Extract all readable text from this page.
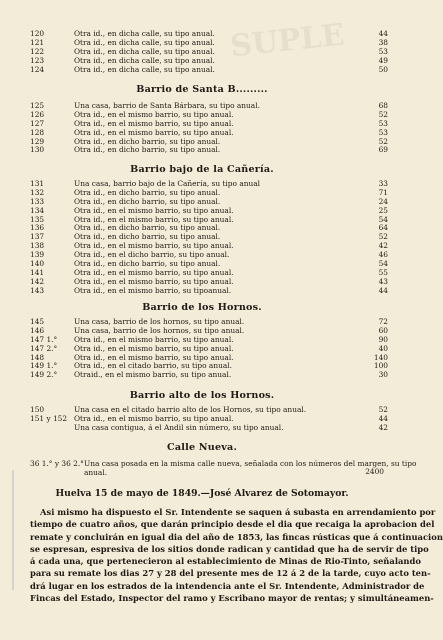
SUPLE
120	Otra id., en dicha calle, su tipo anual.	44
121	Otra id., en dicha calle, su tipo anual.	38
122	Otra id., en dicha calle, su tipo anual.	53
123	Otra id., en dicha calle, su tipo anual.	49
124	Otra id., en dicha calle, su tipo anual.	50
Barrio de Santa B.........
125	Una casa, barrio de Santa Bárbara, su tipo anual.	68
126	Otra id., en el mismo barrio, su tipo anual.	52
127	Otra id., en el mismo barrio, su tipo anual.	53
128	Otra id., en el mismo barrio, su tipo anual.	53
129	Otra id., en dicho barrio, su tipo anual.	52
130	Otra id., en dicho barrio, su tipo anual.	69
Barrio bajo de la Cañería.
131	Una casa, barrio bajo de la Cañería, su tipo anual	33
132	Otra id., en dicho barrio, su tipo anual.	71
133	Otra id., en dicho barrio, su tipo anual.	24
134	Otra id., en el mismo barrio, su tipo anual.	25
135	Otra id., en el mismo barrio, su tipo anual.	54
136	Otra id., en dicho barrio, su tipo anual.	64
137	Otra id., en dicho barrio, su tipo anual.	52
138	Otra id., en el mismo barrio, su tipo anual.	42
139	Otra id., en el dicho barrio, su tipo anual.	46
140	Otra id., en dicho barrio, su tipo anual.	54
141	Otra id., en el mismo barrio, su tipo anual.	55
142	Otra id., en el mismo barrio, su tipo anual.	43
143	Otra id., en el mismo barrio, su tipoanual.	44
Barrio de los Hornos.
145	Una casa, barrio de los hornos, su tipo anual.	72
146	Una casa, barrio de los hornos, su tipo anual.	60
147 1.°	Otra id., en el mismo barrio, su tipo anual.	90
147 2.°	Otra id., en el mismo barrio, su tipo anual.	40
148	Otra id., en el mismo barrio, su tipo anual.	140
149 1.°	Otra id., en el citado barrio, su tipo anual.	100
149 2.°	Otraid., en el mismo barrio, su tipo anual.	30
Barrio alto de los Hornos.
150	Una casa en el citado barrio alto de los Hornos, su tipo anual.	52
151 y 152 Otra id., en el mismo barrio, su tipo anual.	44
Una casa contigua, á el Andil sin número, su tipo anual.	42
Calle Nueva.
36 1.° y 36 2.° Una casa posada en la misma calle nueva, señalada con los números del margen, su tipo
anual.	2400
Huelva 15 de mayo de 1849.—José Alvarez de Sotomayor.
Asi mismo ha dispuesto el Sr. Intendente se saquen á subasta en arrendamiento por
tiempo de cuatro años, que darán principio desde el dia que recaiga la aprobacion del
remate y concluirán en igual dia del año de 1853, las fincas rústicas que á continuacion
se espresan, espresiva de los sitios donde radican y cantidad que ha de servir de tipo
á cada una, que pertenecieron al establecimiento de Minas de Rio-Tinto, señalando
para su remate los dias 27 y 28 del presente mes de 12 á 2 de la tarde, cuyo acto ten-
drá lugar en los estrados de la intendencia ante el Sr. Intendente, Administrador de
Fincas del Estado, Inspector del ramo y Escribano mayor de rentas; y simultáneamen-
